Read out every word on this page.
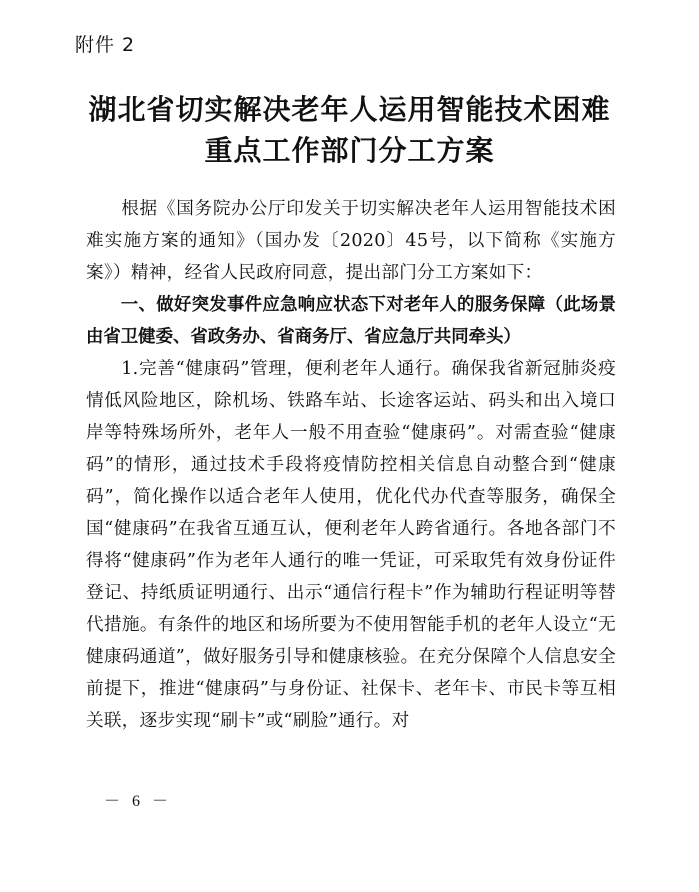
附件 2
湖北省切实解决老年人运用智能技术困难
重点工作部门分工方案

根据《国务院办公厅印发关于切实解决老年人运用智能技术困难实施方案的通知》（国办发〔2020〕45号，以下简称《实施方案》）精神，经省人民政府同意，提出部门分工方案如下：

一、做好突发事件应急响应状态下对老年人的服务保障（此场景由省卫健委、省政务办、省商务厅、省应急厅共同牵头）

1.完善“健康码”管理，便利老年人通行。确保我省新冠肺炎疫情低风险地区，除机场、铁路车站、长途客运站、码头和出入境口岸等特殊场所外，老年人一般不用查验“健康码”。对需查验“健康码”的情形，通过技术手段将疫情防控相关信息自动整合到“健康码”，简化操作以适合老年人使用，优化代办代查等服务，确保全国“健康码”在我省互通互认，便利老年人跨省通行。各地各部门不得将“健康码”作为老年人通行的唯一凭证，可采取凭有效身份证件登记、持纸质证明通行、出示“通信行程卡”作为辅助行程证明等替代措施。有条件的地区和场所要为不使用智能手机的老年人设立“无健康码通道”，做好服务引导和健康核验。在充分保障个人信息安全前提下，推进“健康码”与身份证、社保卡、老年卡、市民卡等互相关联，逐步实现“刷卡”或“刷脸”通行。对

－ 6 －
